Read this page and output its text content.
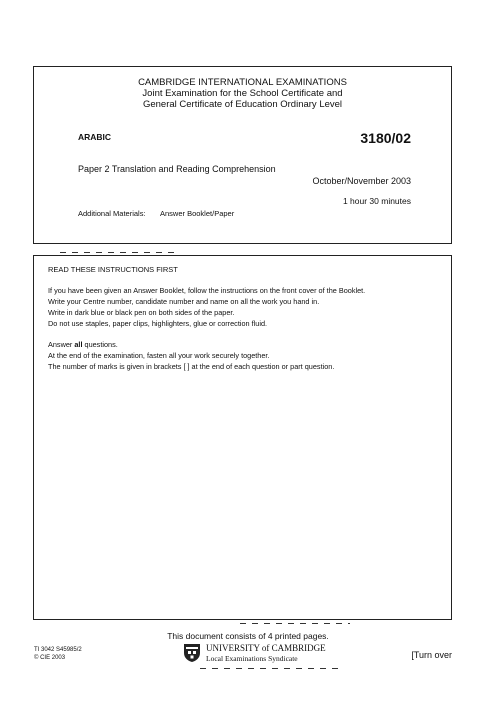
CAMBRIDGE INTERNATIONAL EXAMINATIONS
Joint Examination for the School Certificate and
General Certificate of Education Ordinary Level
ARABIC	3180/02
Paper 2 Translation and Reading Comprehension
October/November 2003
1 hour 30 minutes
Additional Materials: Answer Booklet/Paper
READ THESE INSTRUCTIONS FIRST
If you have been given an Answer Booklet, follow the instructions on the front cover of the Booklet.
Write your Centre number, candidate number and name on all the work you hand in.
Write in dark blue or black pen on both sides of the paper.
Do not use staples, paper clips, highlighters, glue or correction fluid.
Answer all questions.
At the end of the examination, fasten all your work securely together.
The number of marks is given in brackets [ ] at the end of each question or part question.
This document consists of 4 printed pages.
TI 3042 S45985/2
© CIE 2003
UNIVERSITY of CAMBRIDGE
Local Examinations Syndicate	[Turn over
